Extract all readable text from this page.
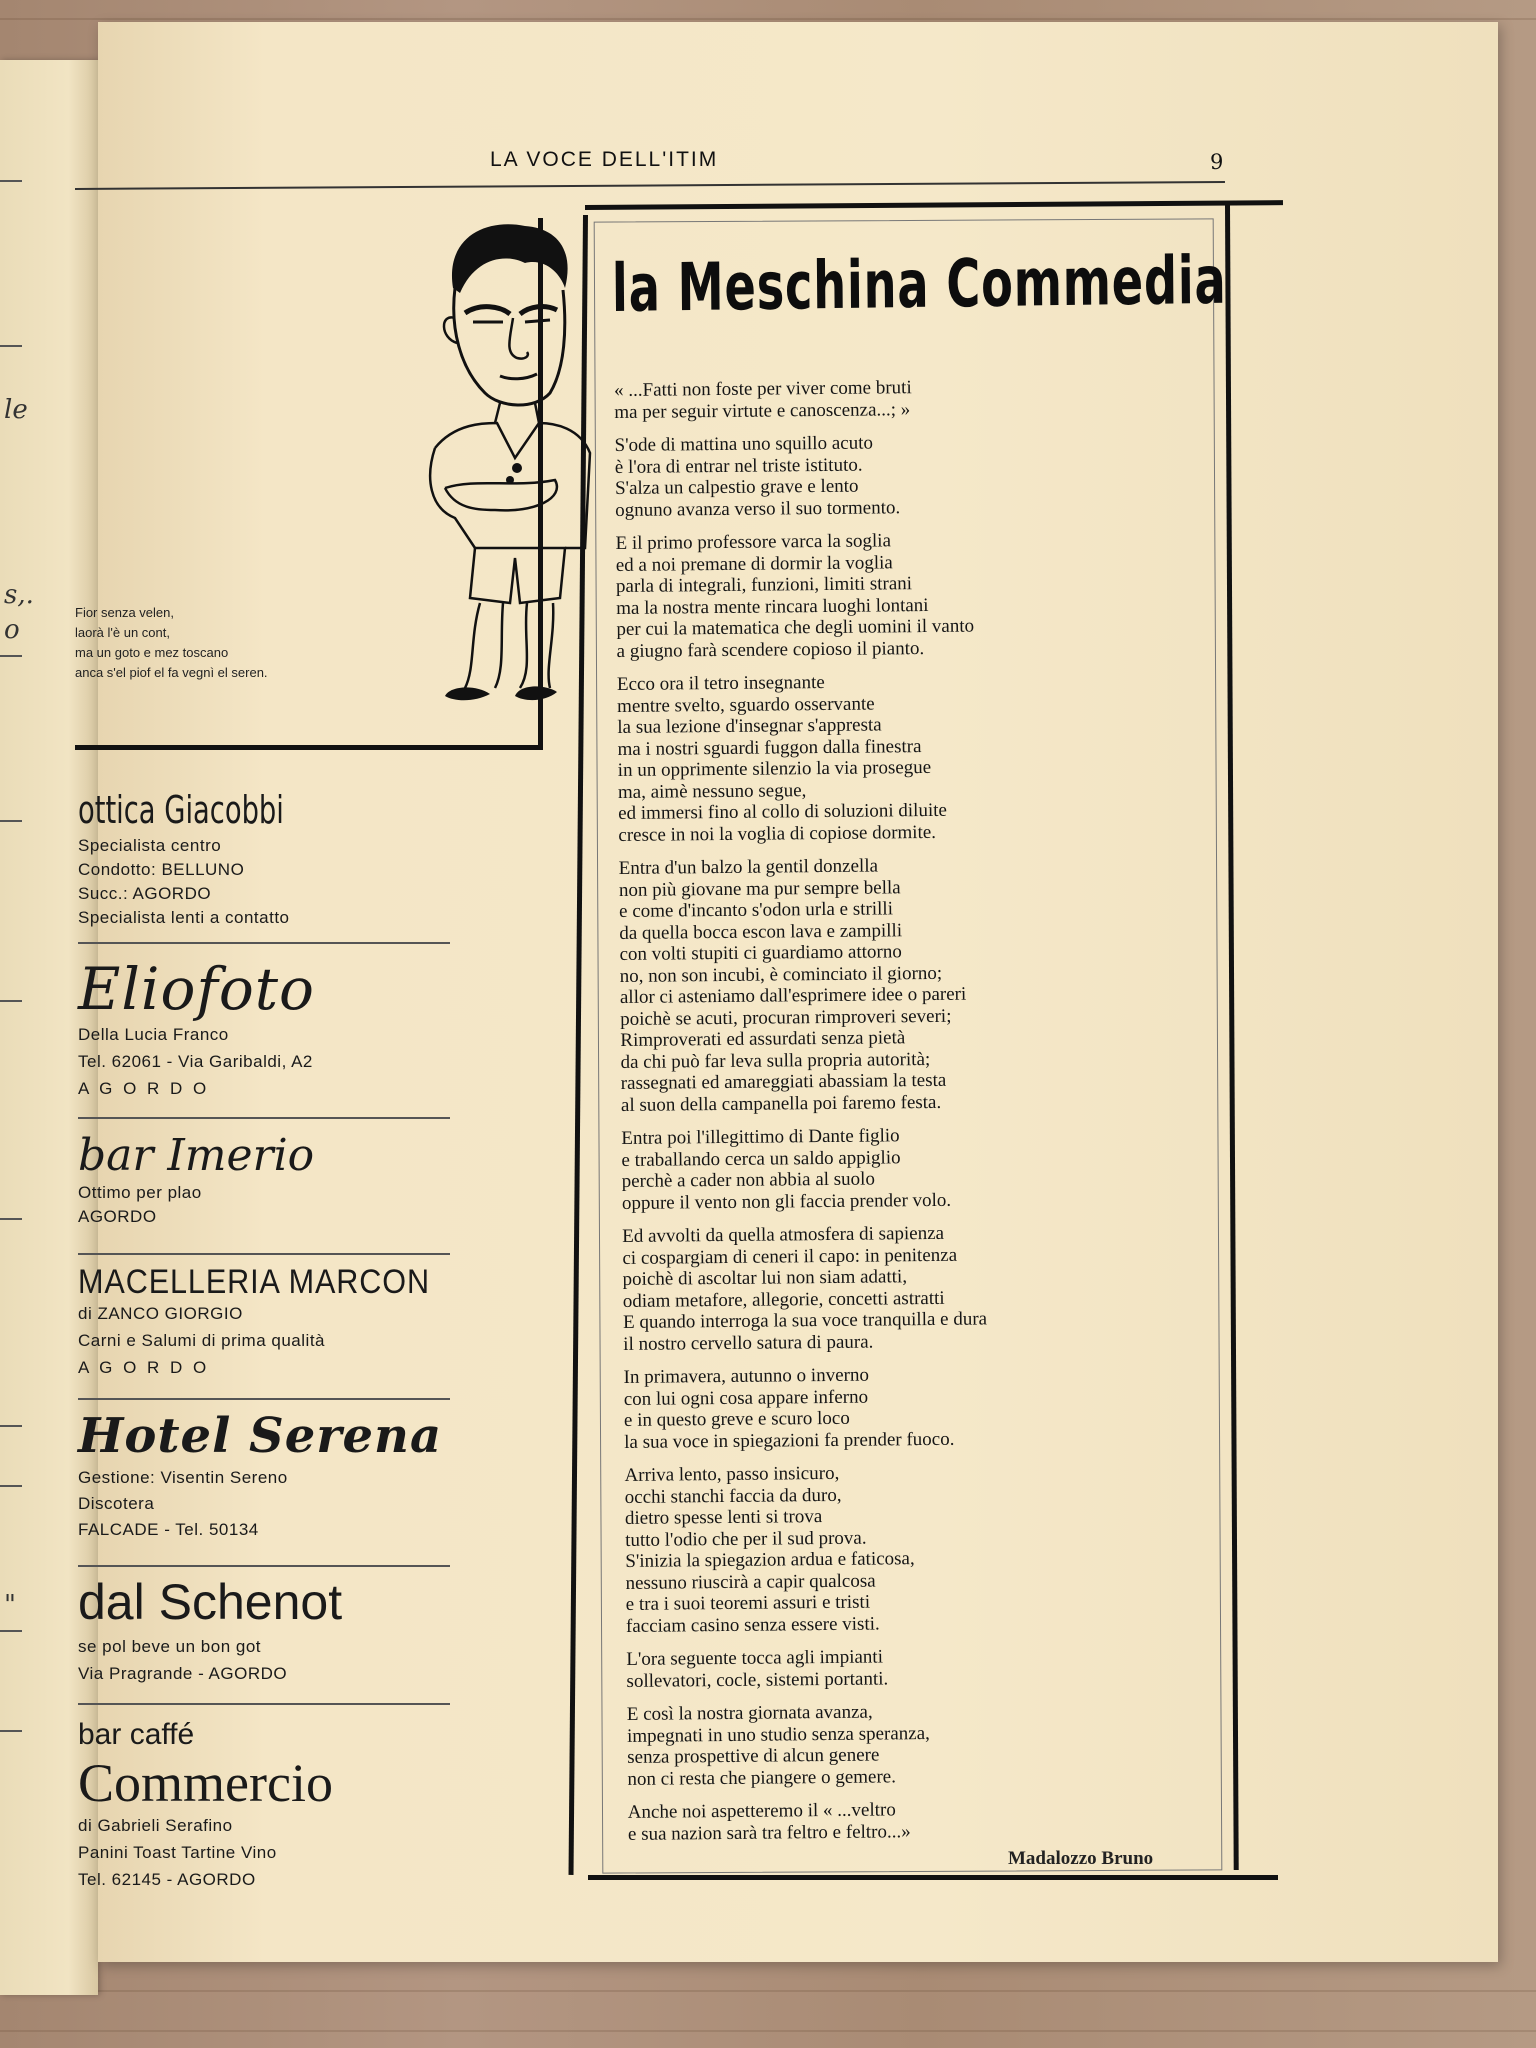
le
s,.
o
"
LA VOCE DELL'ITIM	9
Fior senza velen,
laorà l'è un cont,
ma un goto e mez toscano
anca s'el piof el fa vegnì el seren.
ottica Giacobbi
Specialista centro
Condotto: BELLUNO
Succ.: AGORDO
Specialista lenti a contatto
Eliofoto
Della Lucia Franco
Tel. 62061 - Via Garibaldi, A2
A G O R D O
bar Imerio
Ottimo per plao
AGORDO
MACELLERIA MARCON
di ZANCO GIORGIO
Carni e Salumi di prima qualità
A G O R D O
Hotel Serena
Gestione: Visentin Sereno
Discotera
FALCADE - Tel. 50134
dal Schenot
se pol beve un bon got
Via Pragrande - AGORDO
bar caffé
Commercio
di Gabrieli Serafino
Panini Toast Tartine Vino
Tel. 62145 - AGORDO
la Meschina Commedia
« ...Fatti non foste per viver come bruti
ma per seguir virtute e canoscenza...; »
S'ode di mattina uno squillo acuto
è l'ora di entrar nel triste istituto.
S'alza un calpestio grave e lento
ognuno avanza verso il suo tormento.
E il primo professore varca la soglia
ed a noi premane di dormir la voglia
parla di integrali, funzioni, limiti strani
ma la nostra mente rincara luoghi lontani
per cui la matematica che degli uomini il vanto
a giugno farà scendere copioso il pianto.
Ecco ora il tetro insegnante
mentre svelto, sguardo osservante
la sua lezione d'insegnar s'appresta
ma i nostri sguardi fuggon dalla finestra
in un opprimente silenzio la via prosegue
ma, aimè nessuno segue,
ed immersi fino al collo di soluzioni diluite
cresce in noi la voglia di copiose dormite.
Entra d'un balzo la gentil donzella
non più giovane ma pur sempre bella
e come d'incanto s'odon urla e strilli
da quella bocca escon lava e zampilli
con volti stupiti ci guardiamo attorno
no, non son incubi, è cominciato il giorno;
allor ci asteniamo dall'esprimere idee o pareri
poichè se acuti, procuran rimproveri severi;
Rimproverati ed assurdati senza pietà
da chi può far leva sulla propria autorità;
rassegnati ed amareggiati abassiam la testa
al suon della campanella poi faremo festa.
Entra poi l'illegittimo di Dante figlio
e traballando cerca un saldo appiglio
perchè a cader non abbia al suolo
oppure il vento non gli faccia prender volo.
Ed avvolti da quella atmosfera di sapienza
ci cospargiam di ceneri il capo: in penitenza
poichè di ascoltar lui non siam adatti,
odiam metafore, allegorie, concetti astratti
E quando interroga la sua voce tranquilla e dura
il nostro cervello satura di paura.
In primavera, autunno o inverno
con lui ogni cosa appare inferno
e in questo greve e scuro loco
la sua voce in spiegazioni fa prender fuoco.
Arriva lento, passo insicuro,
occhi stanchi faccia da duro,
dietro spesse lenti si trova
tutto l'odio che per il sud prova.
S'inizia la spiegazion ardua e faticosa,
nessuno riuscirà a capir qualcosa
e tra i suoi teoremi assuri e tristi
facciam casino senza essere visti.
L'ora seguente tocca agli impianti
sollevatori, cocle, sistemi portanti.
E così la nostra giornata avanza,
impegnati in uno studio senza speranza,
senza prospettive di alcun genere
non ci resta che piangere o gemere.
Anche noi aspetteremo il « ...veltro
e sua nazion sarà tra feltro e feltro...»
Madalozzo Bruno
